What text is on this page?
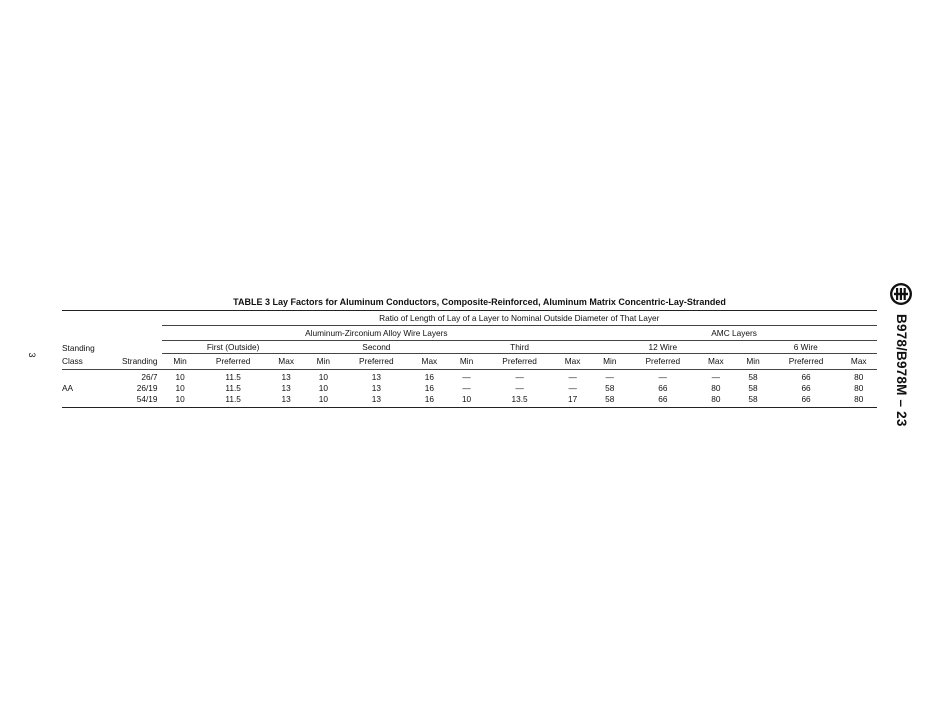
3	B978/B978M – 23
TABLE 3 Lay Factors for Aluminum Conductors, Composite-Reinforced, Aluminum Matrix Concentric-Lay-Stranded
		Ratio of Length of Lay of a Layer to Nominal Outside Diameter of That Layer														
		Aluminum-Zirconium Alloy Wire Layers									AMC Layers					
Standing		First (Outside)			Second			Third			12 Wire			6 Wire		
Class	Stranding	Min	Preferred	Max	Min	Preferred	Max	Min	Preferred	Max	Min	Preferred	Max	Min	Preferred	Max
	26/7	10	11.5	13	10	13	16	—	—	—	—	—	—	58	66	80
AA	26/19	10	11.5	13	10	13	16	—	—	—	58	66	80	58	66	80
	54/19	10	11.5	13	10	13	16	10	13.5	17	58	66	80	58	66	80
